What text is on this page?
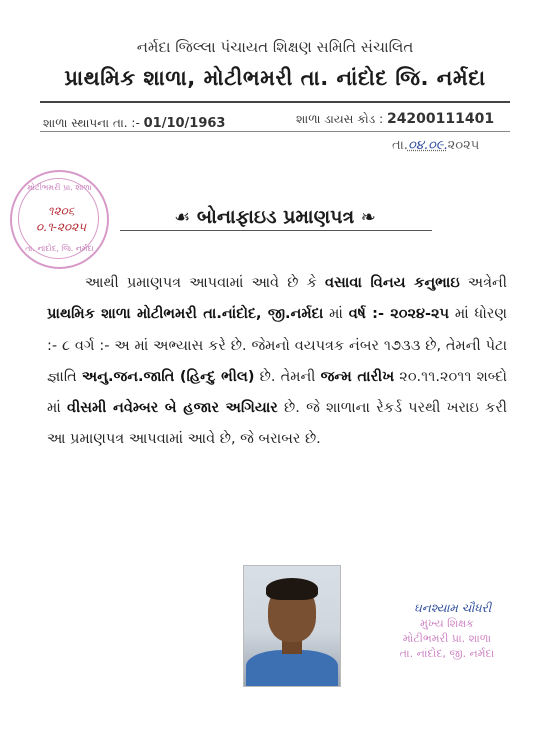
નર્મદા જિલ્લા પંચાયત શિક્ષણ સમિતિ સંચાલિત
પ્રાથમિક શાળા, મોટીભમરી તા. નાંદોદ જિ. નર્મદા
શાળા સ્થાપના તા. :- 01/10/1963	શાળા ડાયસ કોડ : 24200111401
તા.૦૪.૦૯.૨૦૨૫
મોટીભમરી પ્રા. શાળા
૧૨૦૬
૦.૧-૨૦૨૫
તા. નાંદોદ, જિ. નર્મદા
☙ બોનાફાઇડ પ્રમાણપત્ર ❧

આથી પ્રમાણપત્ર આપવામાં આવે છે કે વસાવા વિનય કનુભાઇ અત્રેની પ્રાથમિક શાળા મોટીભમરી તા.નાંદોદ, જી.નર્મદા માં વર્ષ :- ૨૦૨૪-૨૫ માં ધોરણ :- ૮ વર્ગ :- અ માં અભ્યાસ કરે છે. જેમનો વયપત્રક નંબર ૧૭૩૩ છે, તેમની પેટા જ્ઞાતિ અનુ.જન.જાતિ (હિન્દુ ભીલ) છે. તેમની જન્મ તારીખ ૨૦.૧૧.૨૦૧૧ શબ્દો માં વીસમી નવેમ્બર બે હજાર અગિયાર છે. જે શાળાના રેકર્ડ પરથી ખરાઇ કરી આ પ્રમાણપત્ર આપવામાં આવે છે, જે બરાબર છે.

ઘનશ્યામ ચૌધરી
મુખ્ય શિક્ષક
મોટીભમરી પ્રા. શાળા
તા. નાંદોદ, જી. નર્મદા
